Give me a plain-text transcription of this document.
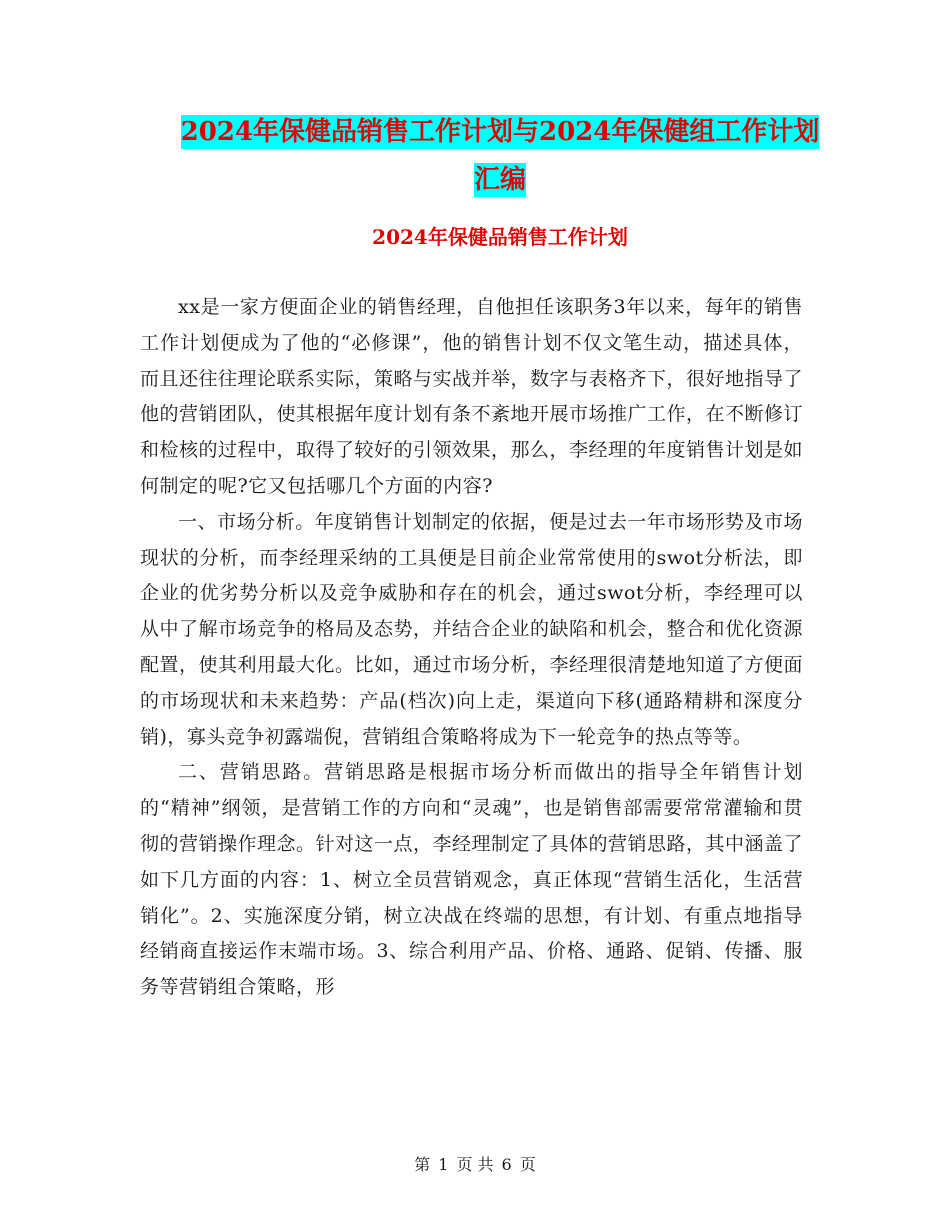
2024年保健品销售工作计划与2024年保健组工作计划
汇编
2024年保健品销售工作计划

xx是一家方便面企业的销售经理，自他担任该职务3年以来，每年的销售工作计划便成为了他的“必修课”，他的销售计划不仅文笔生动，描述具体，而且还往往理论联系实际，策略与实战并举，数字与表格齐下，很好地指导了他的营销团队，使其根据年度计划有条不紊地开展市场推广工作，在不断修订和检核的过程中，取得了较好的引领效果，那么，李经理的年度销售计划是如何制定的呢?它又包括哪几个方面的内容?

一、市场分析。年度销售计划制定的依据，便是过去一年市场形势及市场现状的分析，而李经理采纳的工具便是目前企业常常使用的swot分析法，即企业的优劣势分析以及竞争威胁和存在的机会，通过swot分析，李经理可以从中了解市场竞争的格局及态势，并结合企业的缺陷和机会，整合和优化资源配置，使其利用最大化。比如，通过市场分析，李经理很清楚地知道了方便面的市场现状和未来趋势：产品(档次)向上走，渠道向下移(通路精耕和深度分销)，寡头竞争初露端倪，营销组合策略将成为下一轮竞争的热点等等。

二、营销思路。营销思路是根据市场分析而做出的指导全年销售计划的“精神”纲领，是营销工作的方向和“灵魂”，也是销售部需要常常灌输和贯彻的营销操作理念。针对这一点，李经理制定了具体的营销思路，其中涵盖了如下几方面的内容：1、树立全员营销观念，真正体现“营销生活化，生活营销化”。2、实施深度分销，树立决战在终端的思想，有计划、有重点地指导经销商直接运作末端市场。3、综合利用产品、价格、通路、促销、传播、服务等营销组合策略，形

第 1 页 共 6 页
